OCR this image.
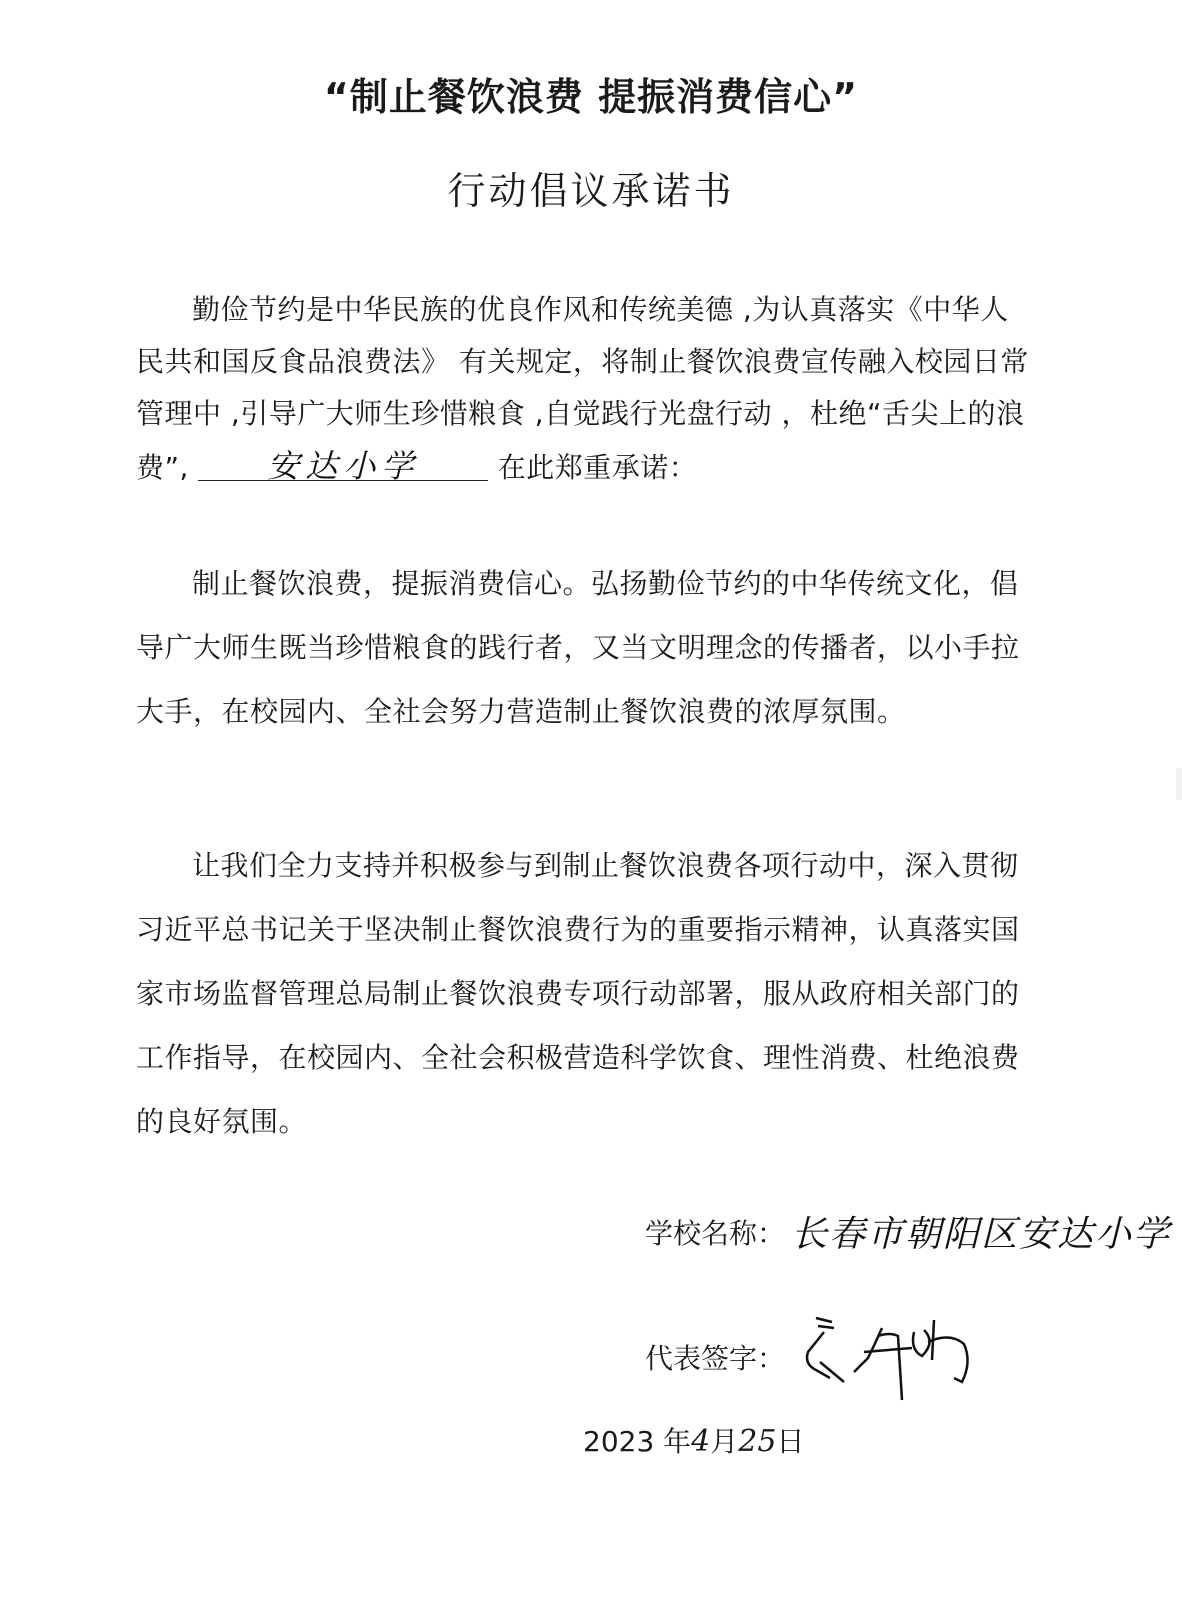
“制止餐饮浪费 提振消费信心”
行动倡议承诺书

勤俭节约是中华民族的优良作风和传统美德 ,为认真落实《中华人民共和国反食品浪费法》 有关规定，将制止餐饮浪费宣传融入校园日常管理中 ,引导广大师生珍惜粮食 ,自觉践行光盘行动 ，杜绝“舌尖上的浪费”, 安达小学	在此郑重承诺：

制止餐饮浪费，提振消费信心。弘扬勤俭节约的中华传统文化，倡导广大师生既当珍惜粮食的践行者，又当文明理念的传播者，以小手拉大手，在校园内、全社会努力营造制止餐饮浪费的浓厚氛围。

让我们全力支持并积极参与到制止餐饮浪费各项行动中，深入贯彻习近平总书记关于坚决制止餐饮浪费行为的重要指示精神，认真落实国家市场监督管理总局制止餐饮浪费专项行动部署，服从政府相关部门的工作指导，在校园内、全社会积极营造科学饮食、理性消费、杜绝浪费的良好氛围。

学校名称： 长春市朝阳区安达小学
代表签字：
2023 年4月25日
